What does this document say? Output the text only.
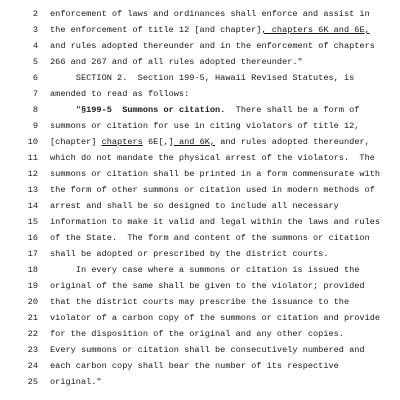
2 enforcement of laws and ordinances shall enforce and assist in
3 the enforcement of title 12 [and chapter], chapters 6K and 6E,
4 and rules adopted thereunder and in the enforcement of chapters
5 266 and 267 and of all rules adopted thereunder."
6 SECTION 2.  Section 199-5, Hawaii Revised Statutes, is
7 amended to read as follows:
8 "§199-5  Summons or citation.  There shall be a form of
9 summons or citation for use in citing violators of title 12,
10 [chapter] chapters 6E[,] and 6K, and rules adopted thereunder,
11 which do not mandate the physical arrest of the violators.  The
12 summons or citation shall be printed in a form commensurate with
13 the form of other summons or citation used in modern methods of
14 arrest and shall be so designed to include all necessary
15 information to make it valid and legal within the laws and rules
16 of the State.  The form and content of the summons or citation
17 shall be adopted or prescribed by the district courts.
18 In every case where a summons or citation is issued the
19 original of the same shall be given to the violator; provided
20 that the district courts may prescribe the issuance to the
21 violator of a carbon copy of the summons or citation and provide
22 for the disposition of the original and any other copies.
23 Every summons or citation shall be consecutively numbered and
24 each carbon copy shall bear the number of its respective
25 original."
